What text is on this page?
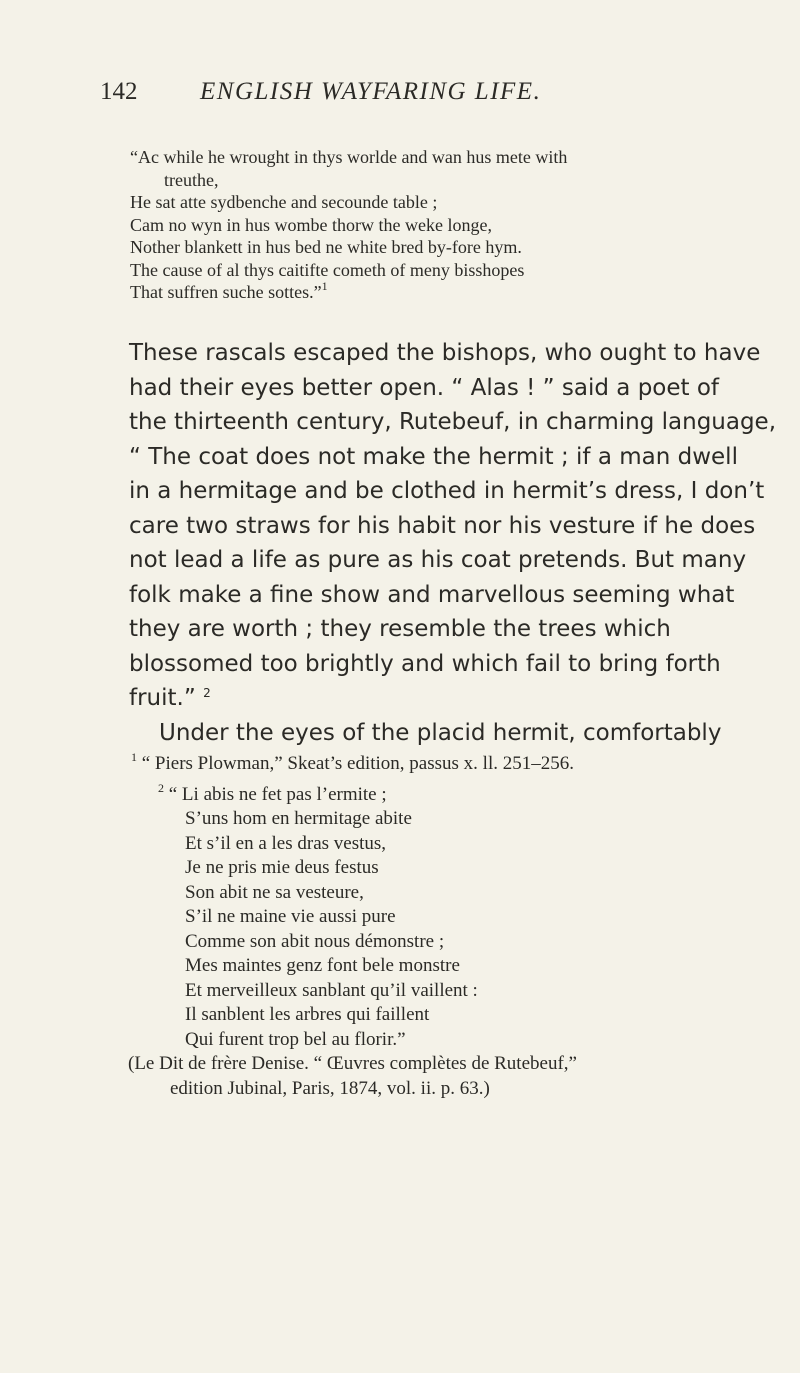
142	ENGLISH WAYFARING LIFE.
“Ac while he wrought in thys worlde and wan hus mete with
treuthe,
He sat atte sydbenche and secounde table ;
Cam no wyn in hus wombe thorw the weke longe,
Nother blankett in hus bed ne white bred by-fore hym.
The cause of al thys caitifte cometh of meny bisshopes
That suffren suche sottes.”$^1$
These rascals escaped the bishops, who ought to have
had their eyes better open. “ Alas ! ” said a poet of
the thirteenth century, Rutebeuf, in charming language,
“ The coat does not make the hermit ; if a man dwell
in a hermitage and be clothed in hermit’s dress, I don’t
care two straws for his habit nor his vesture if he does
not lead a life as pure as his coat pretends. But many
folk make a fine show and marvellous seeming what
they are worth ; they resemble the trees which
blossomed too brightly and which fail to bring forth
fruit.” $^2$
Under the eyes of the placid hermit, comfortably
$^1$ “ Piers Plowman,” Skeat’s edition, passus x. ll. 251–256.
$^2$ “ Li abis ne fet pas l’ermite ;
S’uns hom en hermitage abite
Et s’il en a les dras vestus,
Je ne pris mie deus festus
Son abit ne sa vesteure,
S’il ne maine vie aussi pure
Comme son abit nous démonstre ;
Mes maintes genz font bele monstre
Et merveilleux sanblant qu’il vaillent :
Il sanblent les arbres qui faillent
Qui furent trop bel au florir.”
(Le Dit de frère Denise. “ Œuvres complètes de Rutebeuf,”
edition Jubinal, Paris, 1874, vol. ii. p. 63.)
